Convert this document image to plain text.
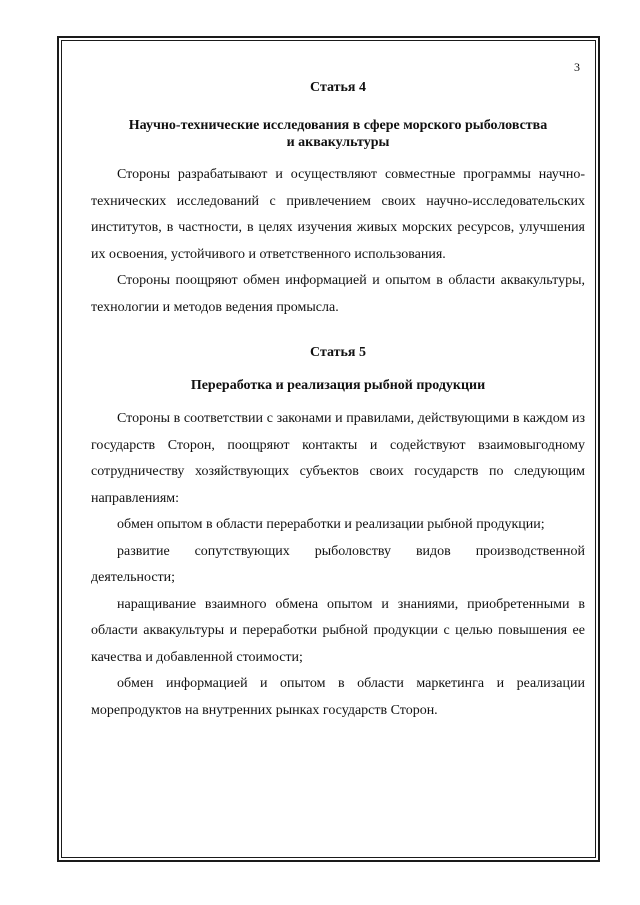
3

Статья 4

Научно-технические исследования в сфере морского рыболовства

и аквакультуры

Стороны разрабатывают и осуществляют совместные программы научно-технических исследований с привлечением своих научно-исследовательских институтов, в частности, в целях изучения живых морских ресурсов, улучшения их освоения, устойчивого и ответственного использования.

Стороны поощряют обмен информацией и опытом в области аквакультуры, технологии и методов ведения промысла.

Статья 5

Переработка и реализация рыбной продукции

Стороны в соответствии с законами и правилами, действующими в каждом из государств Сторон, поощряют контакты и содействуют взаимовыгодному сотрудничеству хозяйствующих субъектов своих государств по следующим направлениям:

обмен опытом в области переработки и реализации рыбной продукции;

развитие сопутствующих рыболовству видов производственной деятельности;

наращивание взаимного обмена опытом и знаниями, приобретенными в области аквакультуры и переработки рыбной продукции с целью повышения ее качества и добавленной стоимости;

обмен информацией и опытом в области маркетинга и реализации морепродуктов на внутренних рынках государств Сторон.
